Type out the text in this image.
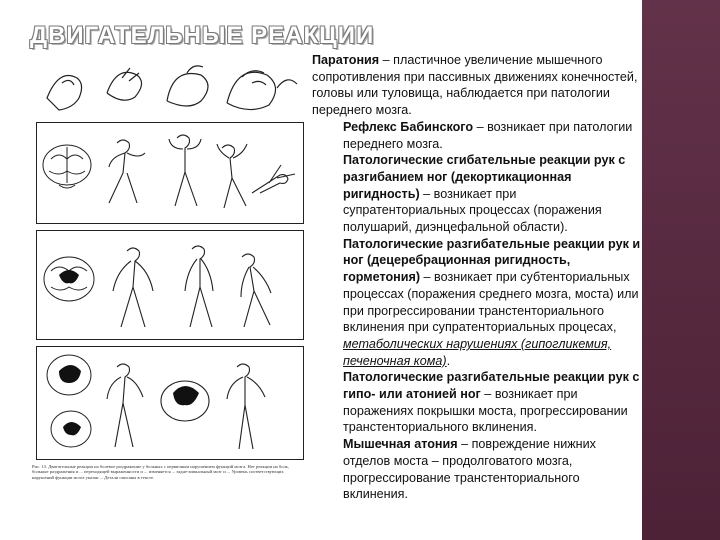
ДВИГАТЕЛЬНЫЕ РЕАКЦИИ
Рис. 13. Двигательные реакции на болевое раздражение у больных с первичным нарушением функций мозга. Нет реакции на боль, больные раздражения и ... переходящей выраженности и ... изменяется ... задне-апикальный мозг и ... Уровень соответствующих нарушений функции мозга указан ... Детали описаны в тексте.

Паратония – пластичное увеличение мышечного сопротивления при пассивных движениях конечностей, головы или туловища, наблюдается при патологии переднего мозга.

Рефлекс Бабинского – возникает при патологии переднего мозга.

Патологические сгибательные реакции рук с разгибанием ног (декортикационная ригидность) – возникает при супратенториальных процессах (поражения полушарий, диэнцефальной области).

Патологические разгибательные реакции рук и ног (децеребрационная ригидность, горметония) – возникает при субтенториальных процессах (поражения среднего мозга, моста) или при прогрессировании транстенториального вклинения при супратенториальных процесах, метаболических нарушениях (гипогликемия, печеночная кома).

Патологические разгибательные реакции рук с гипо- или атонией ног – возникает при поражениях покрышки моста, прогрессировании транстенториального вклинения.

Мышечная атония – повреждение нижних отделов моста – продолговатого мозга, прогрессирование транстенториального вклинения.
